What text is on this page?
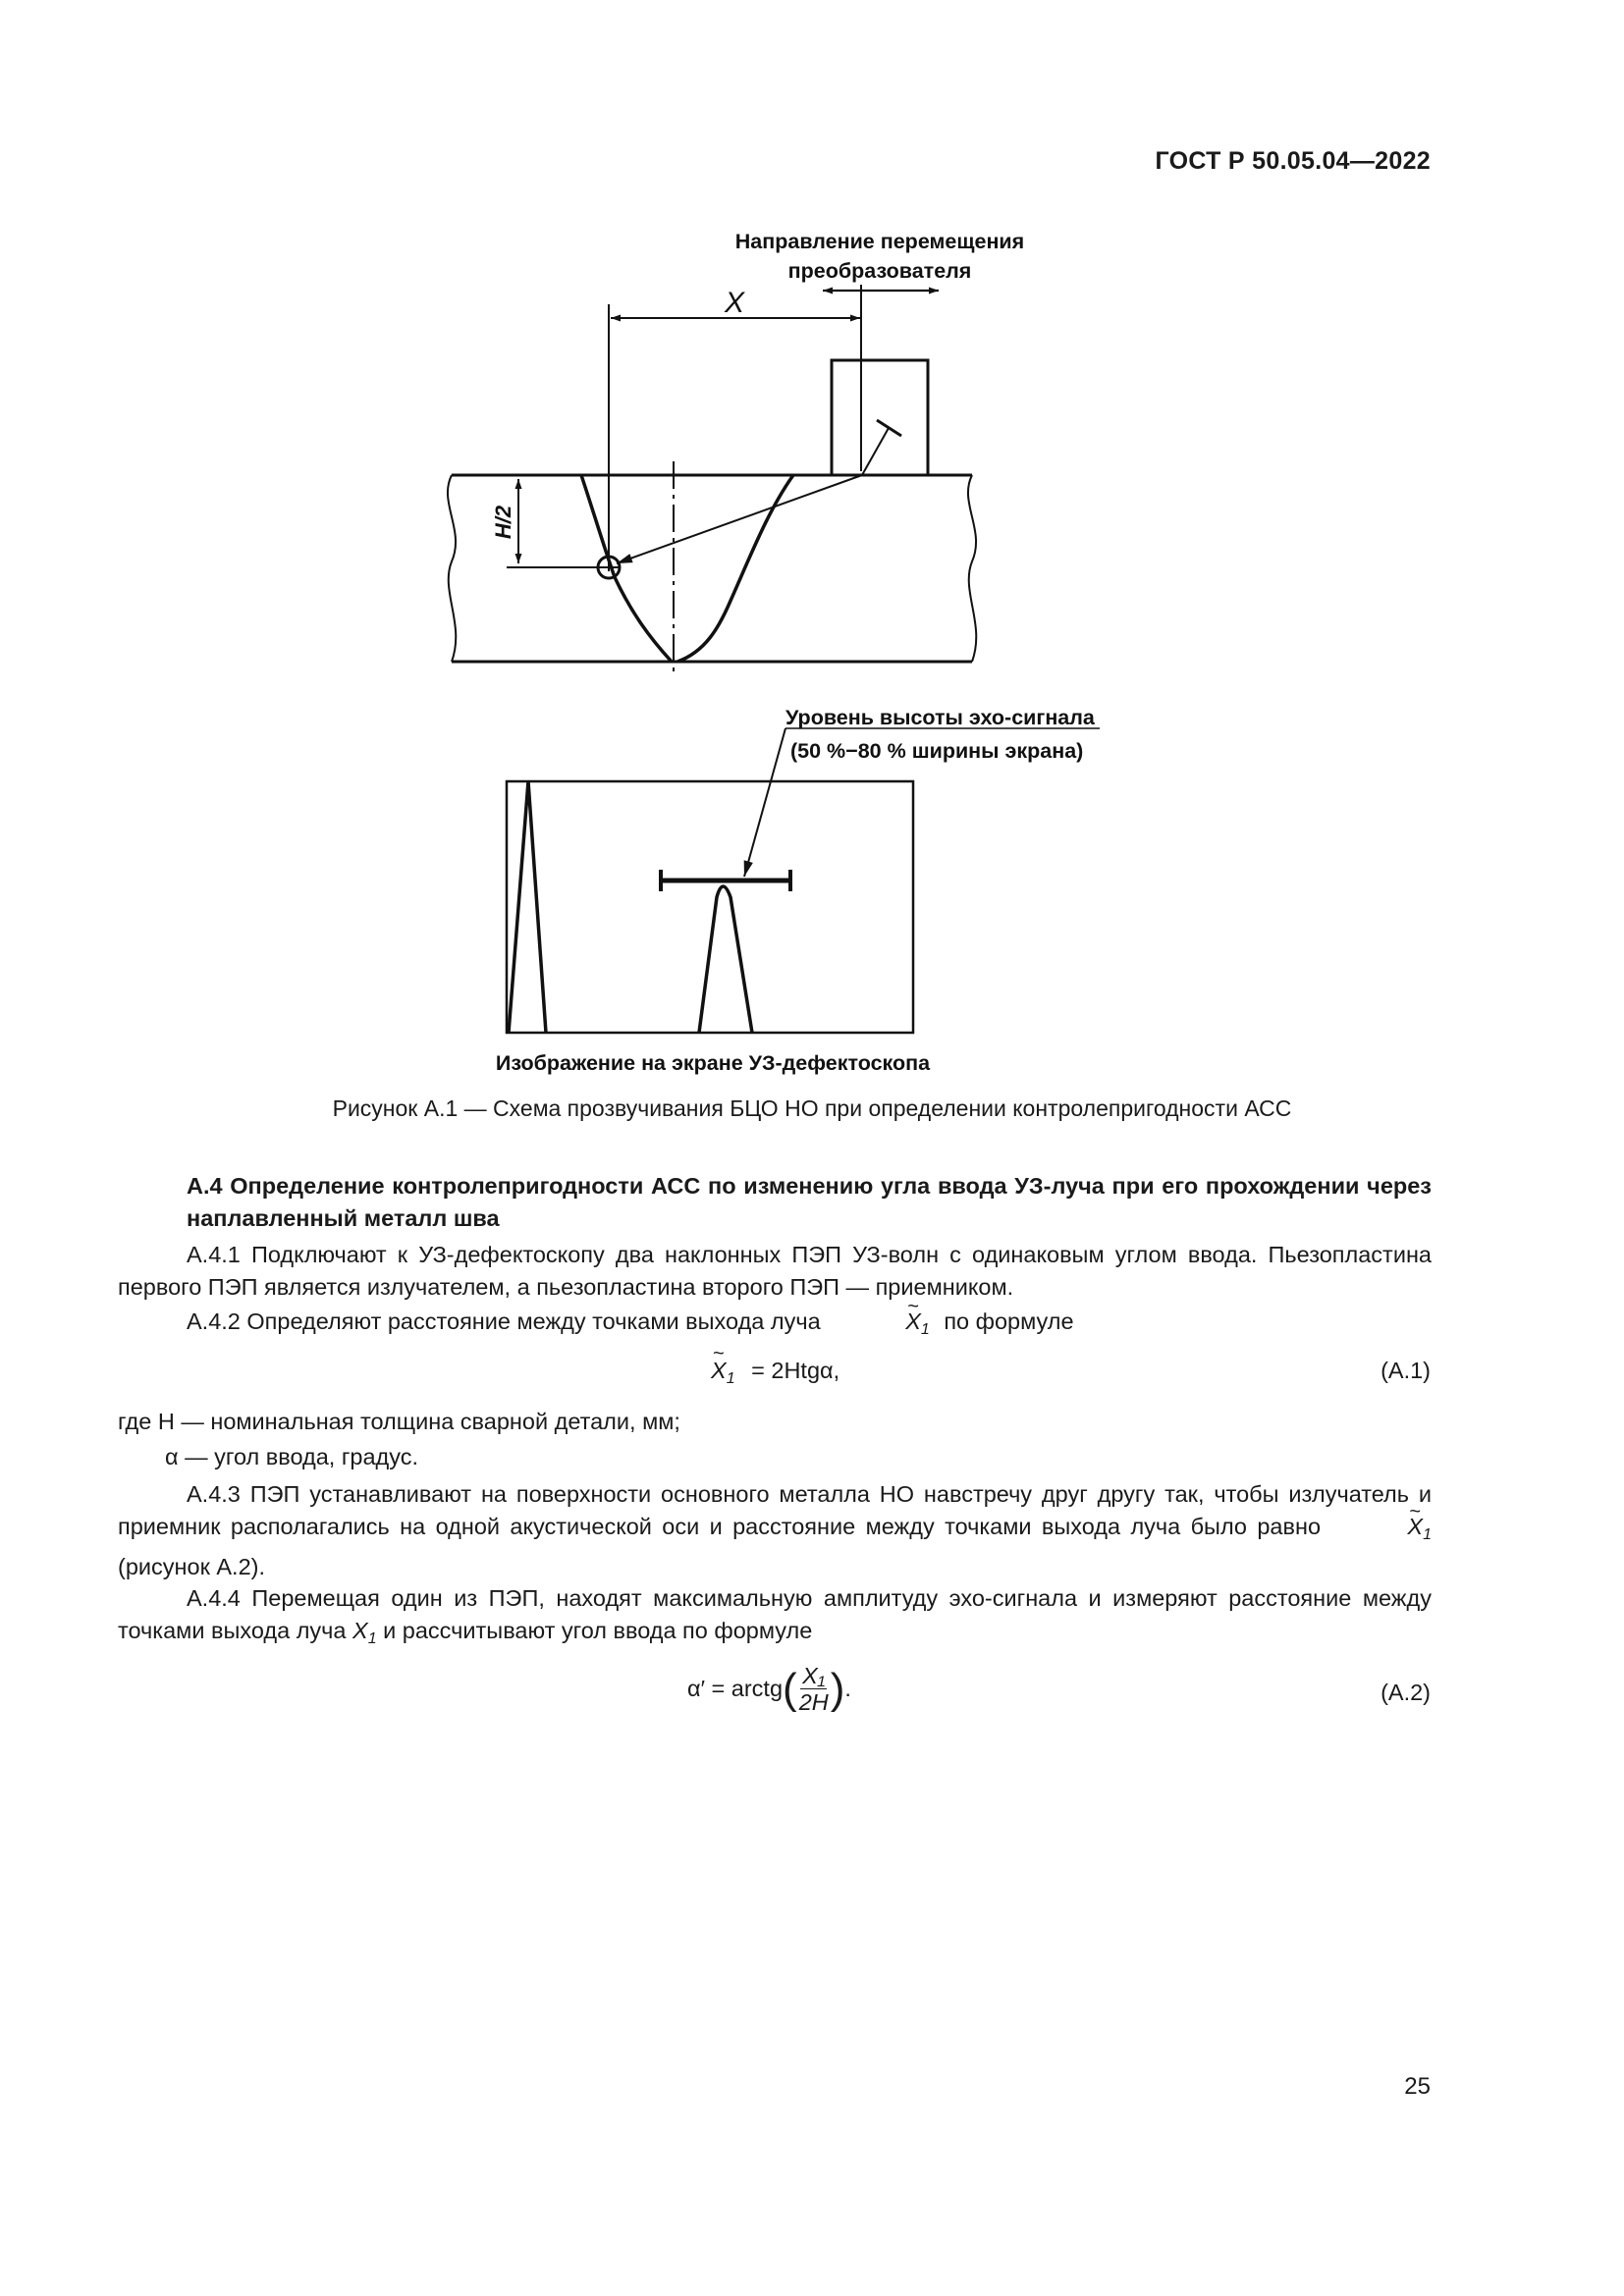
ГОСТ Р 50.05.04—2022
Направление перемещения
преобразователя
X
H/2
Уровень высоты эхо-сигнала
(50 %−80 % ширины экрана)
Изображение на экране УЗ-дефектоскопа
Рисунок А.1 — Схема прозвучивания БЦО НО при определении контролепригодности АСС
А.4 Определение контролепригодности АСС по изменению угла ввода УЗ-луча при его прохождении через наплавленный металл шва
А.4.1 Подключают к УЗ-дефектоскопу два наклонных ПЭП УЗ-волн с одинаковым углом ввода. Пьезопластина первого ПЭП является излучателем, а пьезопластина второго ПЭП — приемником.
А.4.2 Определяют расстояние между точками выхода луча	~ $X_1$ по формуле
~ $X_1 = 2Htg\alpha$,	(А.1)
где H — номинальная толщина сварной детали, мм;
α — угол ввода, градус.
А.4.3 ПЭП устанавливают на поверхности основного металла НО навстречу друг другу так, чтобы излучатель и приемник располагались на одной акустической оси и расстояние между точками выхода луча было равно	~ $X_1$ (рисунок А.2).
А.4.4 Перемещая один из ПЭП, находят максимальную амплитуду эхо-сигнала и измеряют расстояние между точками выхода луча $X_1$ и рассчитывают угол ввода по формуле
α′ = arctg ( $\frac{\text{X₁}}{2H}$ ) .	(А.2)
25
